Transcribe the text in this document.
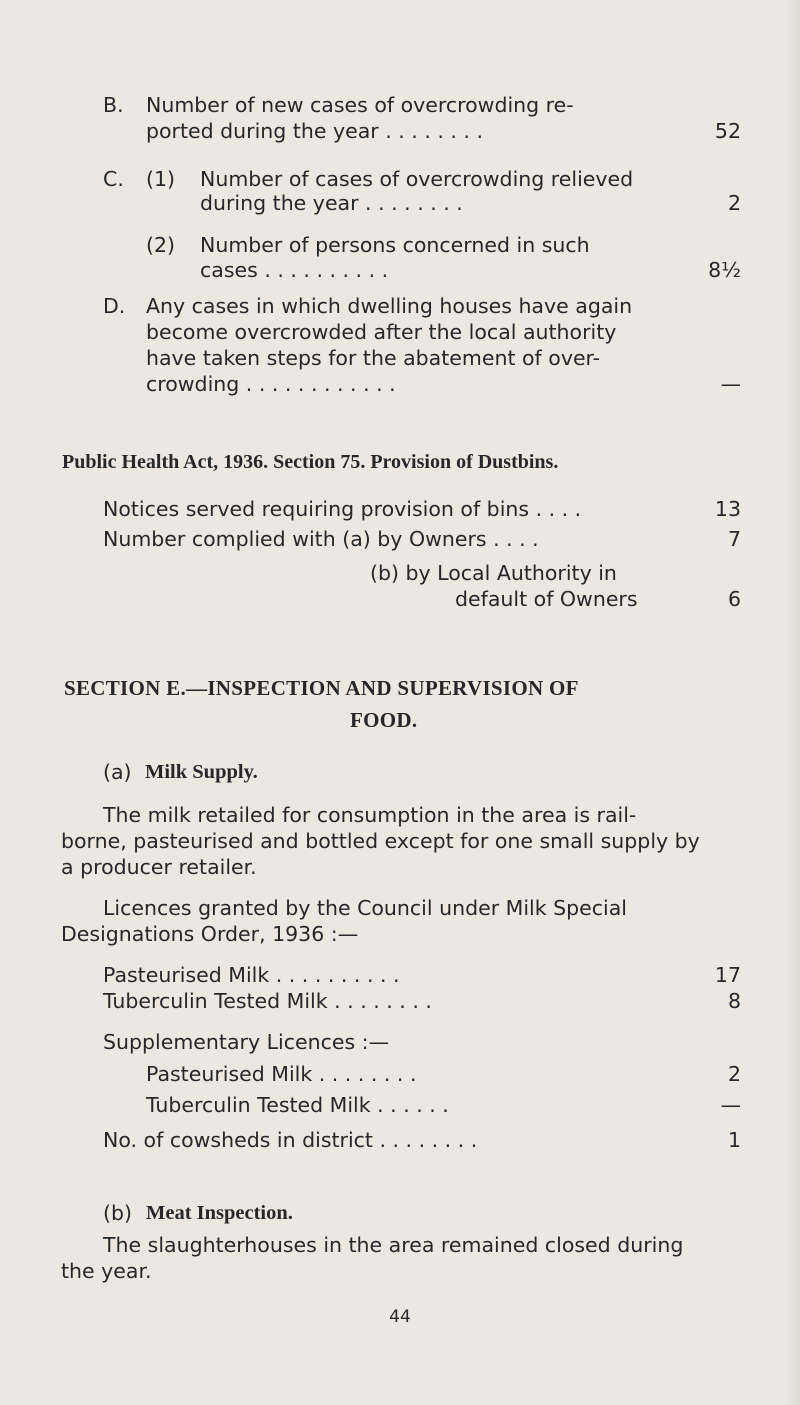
B. Number of new cases of overcrowding re-
ported during the year . . . . . . . .	52
C. (1) Number of cases of overcrowding relieved
during the year . . . . . . . .	2
(2) Number of persons concerned in such
cases . . . . . . . . . .	8½
D. Any cases in which dwelling houses have again
become overcrowded after the local authority
have taken steps for the abatement of over-
crowding . . . . . . . . . . . .	—
Public Health Act, 1936. Section 75. Provision of Dustbins.
Notices served requiring provision of bins . . . .	13
Number complied with (a) by Owners . . . .	7
(b) by Local Authority in
default of Owners	6
SECTION E.—INSPECTION AND SUPERVISION OF
FOOD.
(a) Milk Supply.
The milk retailed for consumption in the area is rail-
borne, pasteurised and bottled except for one small supply by
a producer retailer.
Licences granted by the Council under Milk Special
Designations Order, 1936 :—
Pasteurised Milk . . . . . . . . . .	17
Tuberculin Tested Milk . . . . . . . .	8
Supplementary Licences :—
Pasteurised Milk . . . . . . . .	2
Tuberculin Tested Milk . . . . . .	—
No. of cowsheds in district . . . . . . . .	1
(b) Meat Inspection.
The slaughterhouses in the area remained closed during
the year.
44
